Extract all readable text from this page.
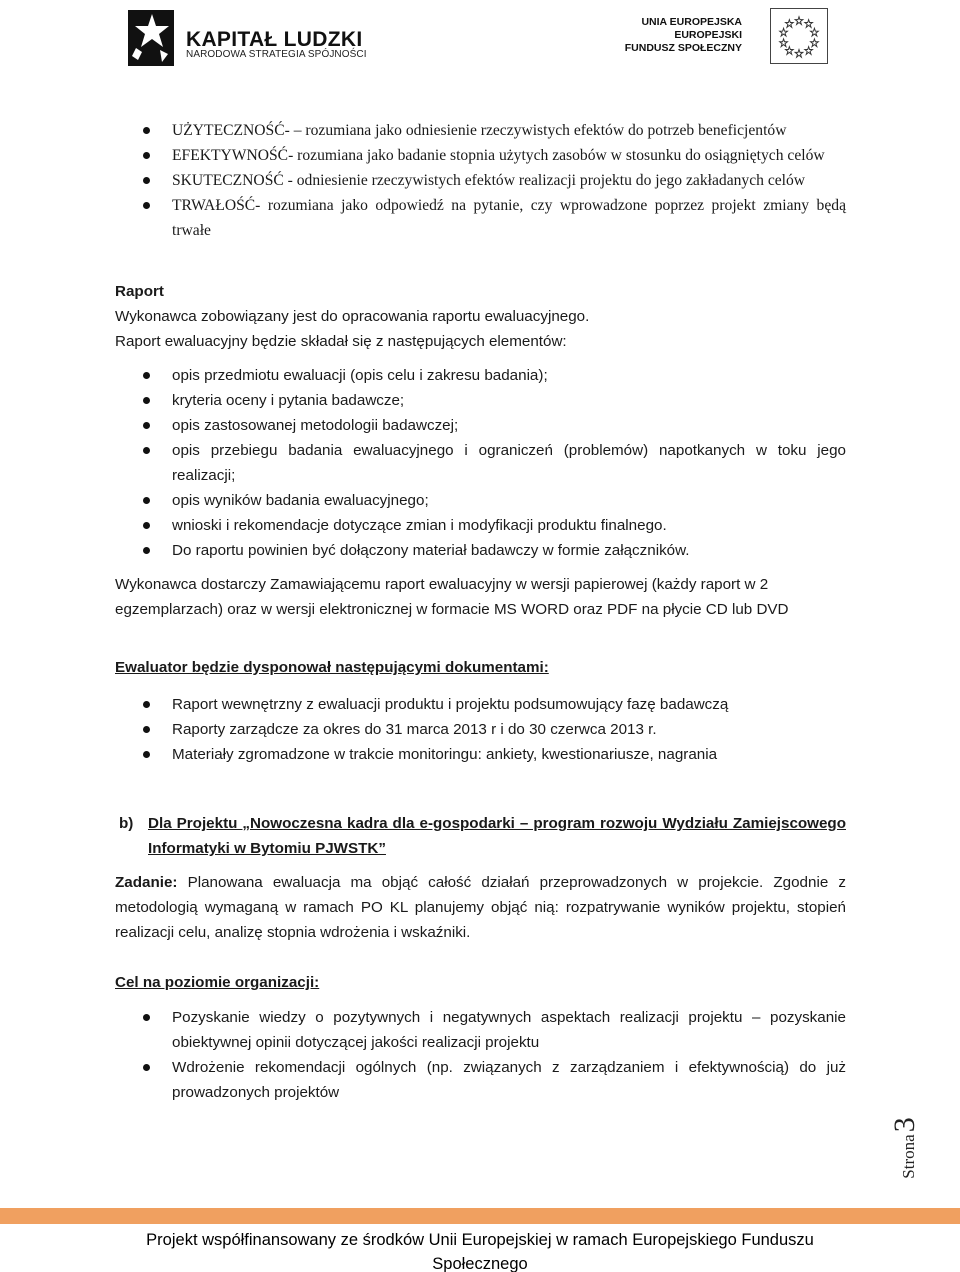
KAPITAŁ LUDZKI
NARODOWA STRATEGIA SPÓJNOŚCI
UNIA EUROPEJSKA
EUROPEJSKI
FUNDUSZ SPOŁECZNY
UŻYTECZNOŚĆ- – rozumiana jako odniesienie rzeczywistych efektów do potrzeb beneficjentów
EFEKTYWNOŚĆ- rozumiana jako badanie stopnia użytych zasobów w stosunku do osiągniętych celów
SKUTECZNOŚĆ - odniesienie rzeczywistych efektów realizacji projektu do jego zakładanych celów
TRWAŁOŚĆ- rozumiana jako odpowiedź na pytanie, czy wprowadzone poprzez projekt zmiany będą trwałe

Raport

Wykonawca zobowiązany jest do opracowania raportu ewaluacyjnego.

Raport ewaluacyjny będzie składał się z następujących elementów:

opis przedmiotu ewaluacji (opis celu i zakresu badania);
kryteria oceny i pytania badawcze;
opis zastosowanej metodologii badawczej;
opis przebiegu badania ewaluacyjnego i ograniczeń (problemów) napotkanych w toku jego realizacji;
opis wyników badania ewaluacyjnego;
wnioski i rekomendacje dotyczące zmian i modyfikacji produktu finalnego.
Do raportu powinien być dołączony materiał badawczy w formie załączników.

Wykonawca dostarczy Zamawiającemu raport ewaluacyjny w wersji papierowej (każdy raport w 2 egzemplarzach) oraz w wersji elektronicznej w formacie MS WORD oraz PDF na płycie CD lub DVD

Ewaluator będzie dysponował następującymi dokumentami:

Raport wewnętrzny z ewaluacji produktu i projektu podsumowujący fazę badawczą
Raporty zarządcze za okres do 31 marca 2013 r i do 30 czerwca 2013 r.
Materiały zgromadzone w trakcie monitoringu: ankiety, kwestionariusze, nagrania
b) Dla Projektu „Nowoczesna kadra dla e-gospodarki – program rozwoju Wydziału Zamiejscowego Informatyki w Bytomiu PJWSTK”

Zadanie: Planowana ewaluacja ma objąć całość działań przeprowadzonych w projekcie. Zgodnie z metodologią wymaganą w ramach PO KL planujemy objąć nią: rozpatrywanie wyników projektu, stopień realizacji celu, analizę stopnia wdrożenia i wskaźniki.

Cel na poziomie organizacji:

Pozyskanie wiedzy o pozytywnych i negatywnych aspektach realizacji projektu – pozyskanie obiektywnej opinii dotyczącej jakości realizacji projektu
Wdrożenie rekomendacji ogólnych (np. związanych z zarządzaniem i efektywnością) do już prowadzonych projektów
Strona3
Projekt współfinansowany ze środków Unii Europejskiej w ramach Europejskiego Funduszu Społecznego
